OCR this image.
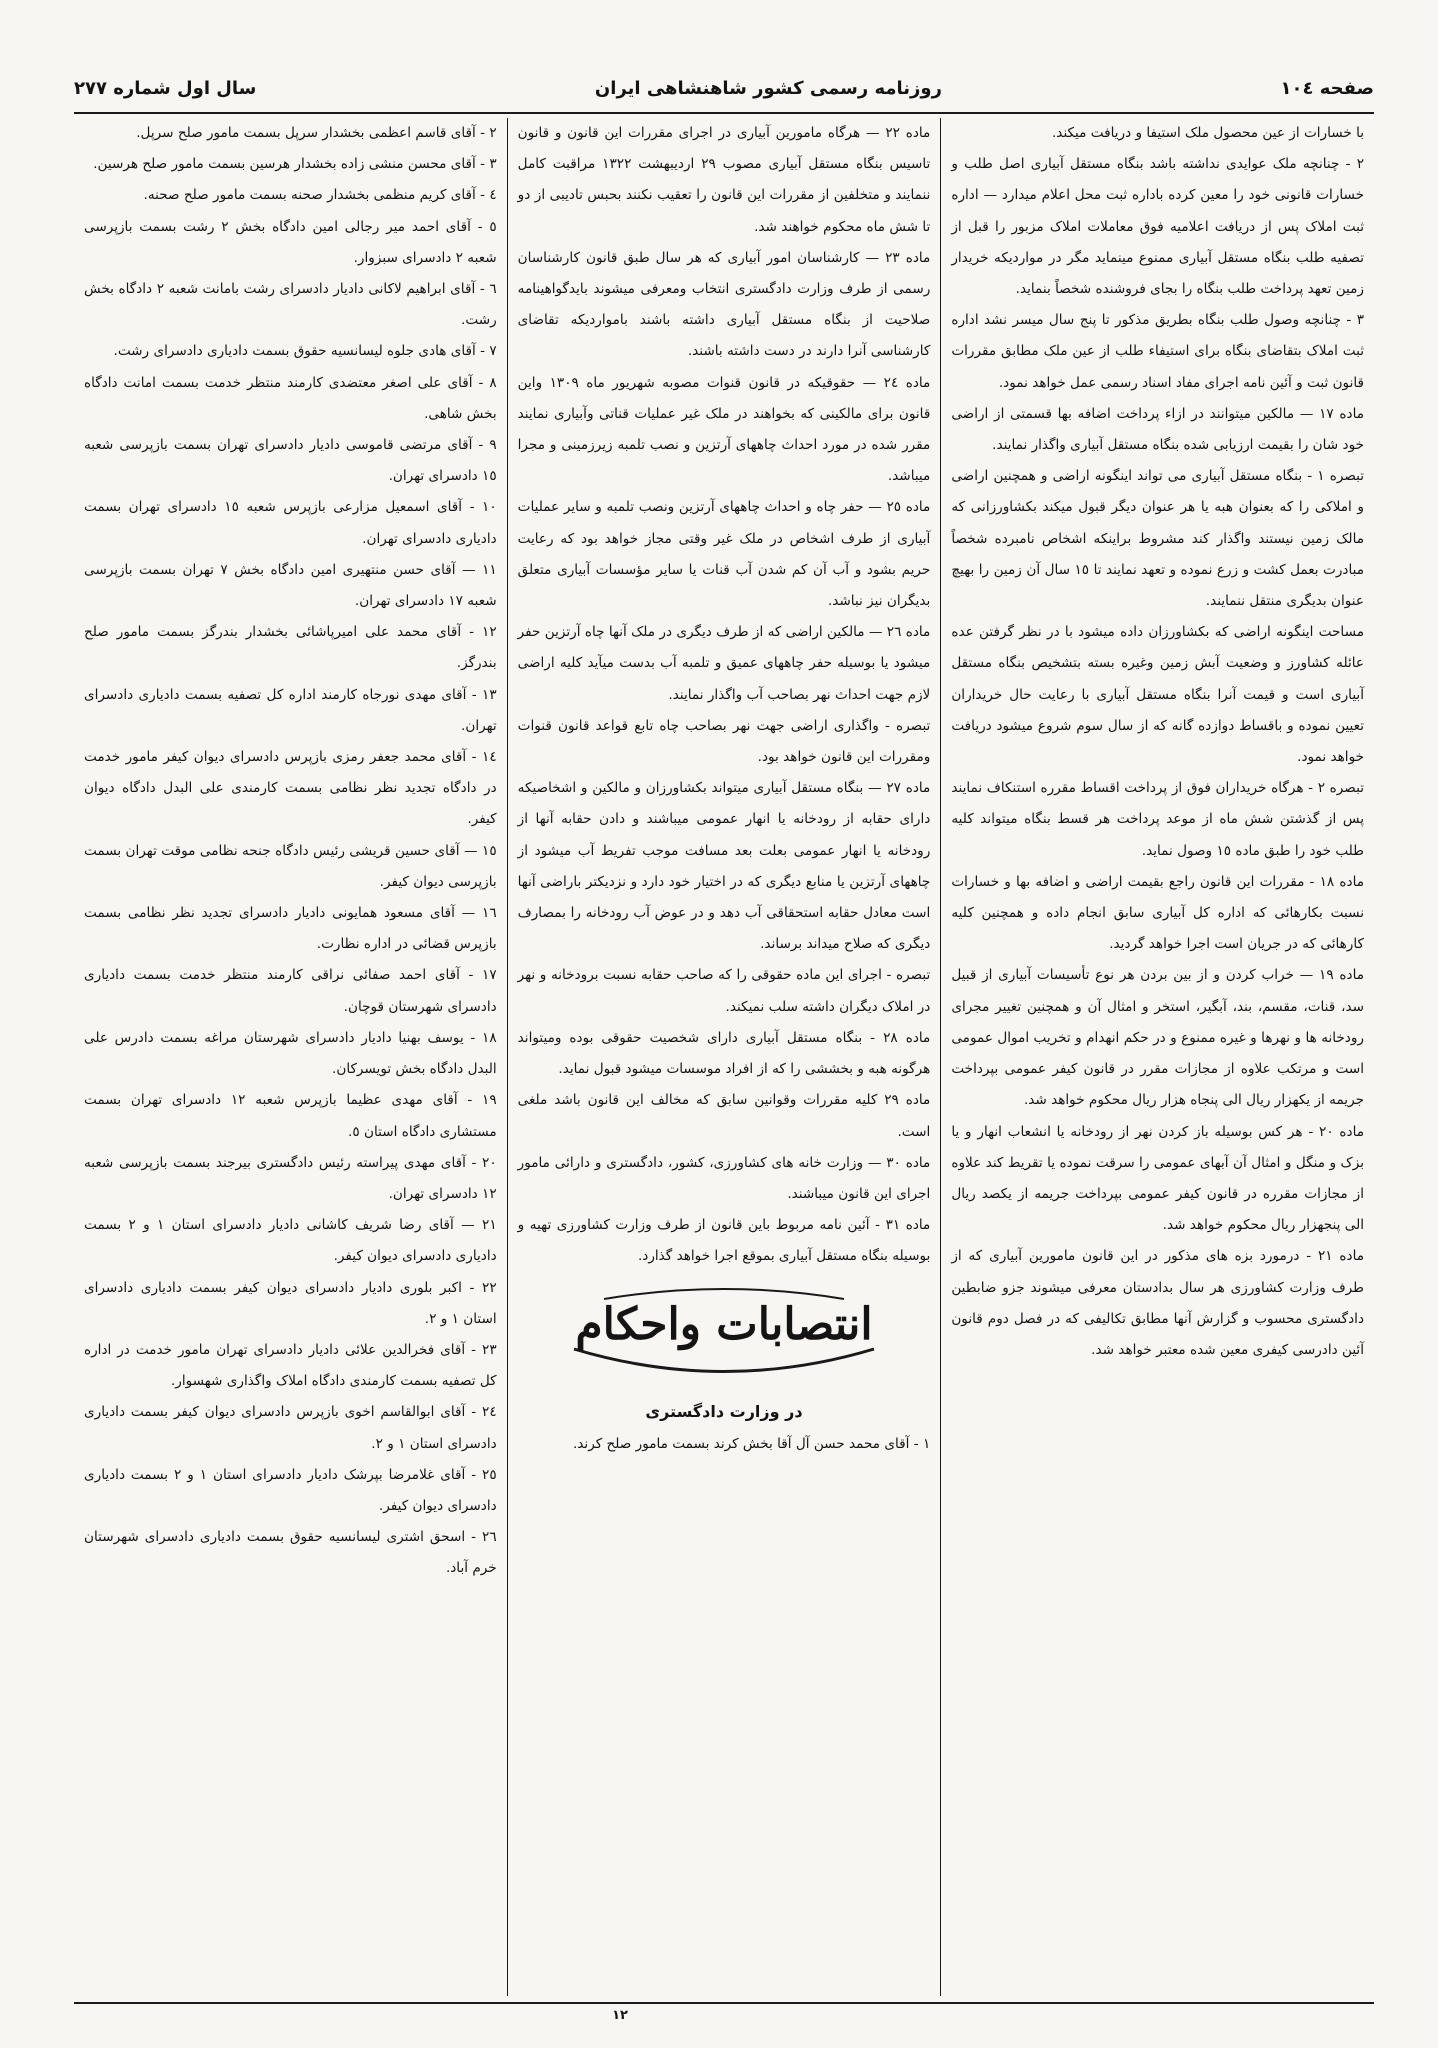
صفحه ١٠٤
روزنامه رسمی کشور شاهنشاهی ایران
سال اول شماره ٢٧٧

با خسارات از عین محصول ملک استیفا و دریافت میکند.

٢ - چنانچه ملک عوایدی نداشته باشد بنگاه مستقل آبیاری اصل طلب و خسارات قانونی خود را معین کرده باداره ثبت محل اعلام میدارد — اداره ثبت املاک پس از دریافت اعلامیه فوق معاملات املاک مزبور را قبل از تصفیه طلب بنگاه مستقل آبیاری ممنوع مینماید مگر در مواردیکه خریدار زمین تعهد پرداخت طلب بنگاه را بجای فروشنده شخصاً بنماید.

٣ - چنانچه وصول طلب بنگاه بطریق مذکور تا پنج سال میسر نشد اداره ثبت املاک بتقاضای بنگاه برای استیفاء طلب از عین ملک مطابق مقررات قانون ثبت و آئین نامه اجرای مفاد اسناد رسمی عمل خواهد نمود.

ماده ١٧ — مالکین میتوانند در ازاء پرداخت اضافه بها قسمتی از اراضی خود شان را بقیمت ارزیابی شده بنگاه مستقل آبیاری واگذار نمایند.

تبصره ١ - بنگاه مستقل آبیاری می تواند اینگونه اراضی و همچنین اراضی و املاکی را که بعنوان هبه یا هر عنوان دیگر قبول میکند بکشاورزانی که مالک زمین نیستند واگذار کند مشروط براینکه اشخاص نامبرده شخصاً مبادرت بعمل کشت و زرع نموده و تعهد نمایند تا ١٥ سال آن زمین را بهیچ عنوان بدیگری منتقل ننمایند.

مساحت اینگونه اراضی که بکشاورزان داده میشود با در نظر گرفتن عده عائله کشاورز و وضعیت آبش زمین وغیره بسته بتشخیص بنگاه مستقل آبیاری است و قیمت آنرا بنگاه مستقل آبیاری با رعایت حال خریداران تعیین نموده و باقساط دوازده گانه که از سال سوم شروع میشود دریافت خواهد نمود.

تبصره ٢ - هرگاه خریداران فوق از پرداخت اقساط مقرره استنکاف نمایند پس از گذشتن شش ماه از موعد پرداخت هر قسط بنگاه میتواند کلیه طلب خود را طبق ماده ١٥ وصول نماید.

ماده ١٨ - مقررات این قانون راجع بقیمت اراضی و اضافه بها و خسارات نسبت بکارهائی که اداره کل آبیاری سابق انجام داده و همچنین کلیه کارهائی که در جریان است اجرا خواهد گردید.

ماده ١٩ — خراب کردن و از بین بردن هر نوع تأسیسات آبیاری از قبیل سد، قنات، مقسم، بند، آبگیر، استخر و امثال آن و همچنین تغییر مجرای رودخانه ها و نهرها و غیره ممنوع و در حکم انهدام و تخریب اموال عمومی است و مرتکب علاوه از مجازات مقرر در قانون کیفر عمومی بپرداخت جریمه از یکهزار ریال الی پنجاه هزار ریال محکوم خواهد شد.

ماده ٢٠ - هر کس بوسیله باز کردن نهر از رودخانه یا انشعاب انهار و یا بزک و منگل و امثال آن آبهای عمومی را سرقت نموده یا تقریط کند علاوه از مجازات مقرره در قانون کیفر عمومی بپرداخت جریمه از یکصد ریال الی پنجهزار ریال محکوم خواهد شد.

ماده ٢١ - درمورد بزه های مذکور در این قانون مامورین آبیاری که از طرف وزارت کشاورزی هر سال بدادستان معرفی میشوند جزو ضابطین دادگستری محسوب و گزارش آنها مطابق تکالیفی که در فصل دوم قانون آئین دادرسی کیفری معین شده معتبر خواهد شد.

ماده ٢٢ — هرگاه مامورین آبیاری در اجرای مقررات این قانون و قانون تاسیس بنگاه مستقل آبیاری مصوب ٢٩ اردیبهشت ١٣٢٢ مراقبت کامل ننمایند و متخلفین از مقررات این قانون را تعقیب نکنند بحبس تادیبی از دو تا شش ماه محکوم خواهند شد.

ماده ٢٣ — کارشناسان امور آبیاری که هر سال طبق قانون کارشناسان رسمی از طرف وزارت دادگستری انتخاب ومعرفی میشوند بایدگواهینامه صلاحیت از بنگاه مستقل آبیاری داشته باشند بامواردیکه تقاضای کارشناسی آنرا دارند در دست داشته باشند.

ماده ٢٤ — حقوقیکه در قانون قنوات مصوبه شهریور ماه ١٣٠٩ واین قانون برای مالکینی که بخواهند در ملک غیر عملیات قناتی وآبیاری نمایند مقرر شده در مورد احداث چاههای آرتزین و نصب تلمبه زیرزمینی و مجرا میباشد.

ماده ٢٥ — حفر چاه و احداث چاههای آرتزین ونصب تلمبه و سایر عملیات آبیاری از طرف اشخاص در ملک غیر وقتی مجاز خواهد بود که رعایت حریم بشود و آب آن کم شدن آب قنات یا سایر مؤسسات آبیاری متعلق بدیگران نیز نباشد.

ماده ٢٦ — مالکین اراضی که از طرف دیگری در ملک آنها چاه آرتزین حفر میشود یا بوسیله حفر چاههای عمیق و تلمبه آب بدست میآید کلیه اراضی لازم جهت احداث نهر بصاحب آب واگذار نمایند.

تبصره - واگذاری اراضی جهت نهر بصاحب چاه تابع قواعد قانون قنوات ومقررات این قانون خواهد بود.

ماده ٢٧ — بنگاه مستقل آبیاری میتواند بکشاورزان و مالکین و اشخاصیکه دارای حقابه از رودخانه یا انهار عمومی میباشند و دادن حقابه آنها از رودخانه یا انهار عمومی بعلت بعد مسافت موجب تفریط آب میشود از چاههای آرتزین یا منابع دیگری که در اختیار خود دارد و نزدیکتر باراضی آنها است معادل حقابه استحقاقی آب دهد و در عوض آب رودخانه را بمصارف دیگری که صلاح میداند برساند.

تبصره - اجرای این ماده حقوقی را که صاحب حقابه نسبت برودخانه و نهر در املاک دیگران داشته سلب نمیکند.

ماده ٢٨ - بنگاه مستقل آبیاری دارای شخصیت حقوقی بوده ومیتواند هرگونه هبه و بخششی را که از افراد موسسات میشود قبول نماید.

ماده ٢٩ کلیه مقررات وقوانین سابق که مخالف این قانون باشد ملغی است.

ماده ٣٠ — وزارت خانه های کشاورزی، کشور، دادگستری و دارائی مامور اجرای این قانون میباشند.

ماده ٣١ - آئین نامه مربوط باین قانون از طرف وزارت کشاورزی تهیه و بوسیله بنگاه مستقل آبیاری بموقع اجرا خواهد گذارد.

انتصابات واحکام
در وزارت دادگستری

١ - آقای محمد حسن آل آقا بخش کرند بسمت مامور صلح کرند.

٢ - آقای قاسم اعظمی بخشدار سرپل بسمت مامور صلح سرپل.

٣ - آقای محسن منشی زاده بخشدار هرسین بسمت مامور صلح هرسین.

٤ - آقای کریم منظمی بخشدار صحنه بسمت مامور صلح صحنه.

٥ - آقای احمد میر رجالی امین دادگاه بخش ٢ رشت بسمت بازپرسی شعبه ٢ دادسرای سبزوار.

٦ - آقای ابراهیم لاکانی دادیار دادسرای رشت بامانت شعبه ٢ دادگاه بخش رشت.

٧ - آقای هادی جلوه لیسانسیه حقوق بسمت دادیاری دادسرای رشت.

٨ - آقای علی اصغر معتضدی کارمند منتظر خدمت بسمت امانت دادگاه بخش شاهی.

٩ - آقای مرتضی قاموسی دادیار دادسرای تهران بسمت بازپرسی شعبه ١٥ دادسرای تهران.

١٠ - آقای اسمعیل مزارعی بازپرس شعبه ١٥ دادسرای تهران بسمت دادیاری دادسرای تهران.

١١ — آقای حسن منتهیری امین دادگاه بخش ٧ تهران بسمت بازپرسی شعبه ١٧ دادسرای تهران.

١٢ - آقای محمد علی امیرپاشائی بخشدار بندرگز بسمت مامور صلح بندرگز.

١٣ - آقای مهدی نورجاه کارمند اداره کل تصفیه بسمت دادیاری دادسرای تهران.

١٤ - آقای محمد جعفر رمزی بازپرس دادسرای دیوان کیفر مامور خدمت در دادگاه تجدید نظر نظامی بسمت کارمندی علی البدل دادگاه دیوان کیفر.

١٥ — آقای حسین قریشی رئیس دادگاه جنحه نظامی موقت تهران بسمت بازپرسی دیوان کیفر.

١٦ — آقای مسعود همایونی دادیار دادسرای تجدید نظر نظامی بسمت بازپرس قضائی در اداره نظارت.

١٧ - آقای احمد صفائی نراقی کارمند منتظر خدمت بسمت دادیاری دادسرای شهرستان قوچان.

١٨ - یوسف بهنیا دادیار دادسرای شهرستان مراغه بسمت دادرس علی البدل دادگاه بخش تویسرکان.

١٩ - آقای مهدی عظیما بازپرس شعبه ١٢ دادسرای تهران بسمت مستشاری دادگاه استان ٥.

٢٠ - آقای مهدی پیراسته رئیس دادگستری بیرجند بسمت بازپرسی شعبه ١٢ دادسرای تهران.

٢١ — آقای رضا شریف کاشانی دادیار دادسرای استان ١ و ٢ بسمت دادیاری دادسرای دیوان کیفر.

٢٢ - اکبر بلوری دادیار دادسرای دیوان کیفر بسمت دادیاری دادسرای استان ١ و ٢.

٢٣ - آقای فخرالدین علائی دادیار دادسرای تهران مامور خدمت در اداره کل تصفیه بسمت کارمندی دادگاه املاک واگذاری شهسوار.

٢٤ - آقای ابوالقاسم اخوی بازپرس دادسرای دیوان کیفر بسمت دادیاری دادسرای استان ١ و ٢.

٢٥ - آقای غلامرضا بپرشک دادیار دادسرای استان ١ و ٢ بسمت دادیاری دادسرای دیوان کیفر.

٢٦ - اسحق اشتری لیسانسیه حقوق بسمت دادیاری دادسرای شهرستان خرم آباد.

١٢
